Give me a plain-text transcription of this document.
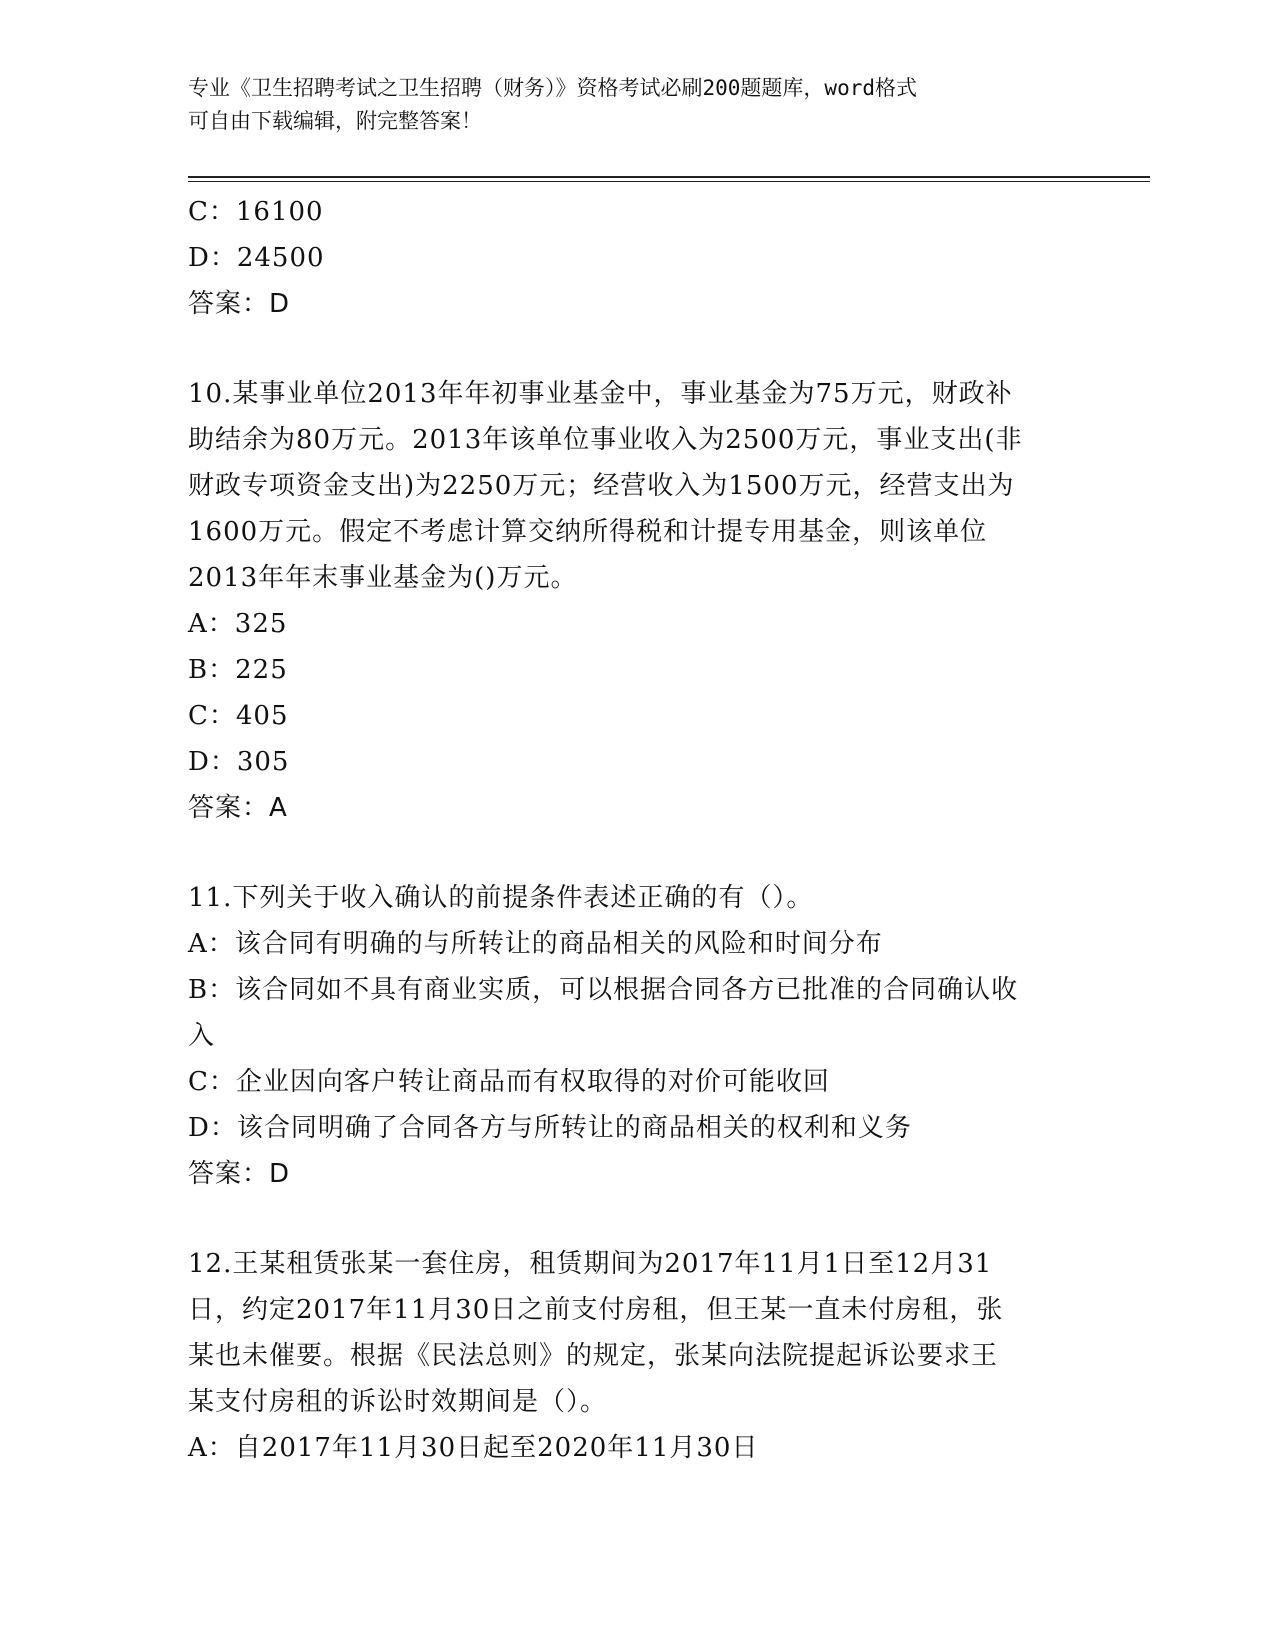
专业《卫生招聘考试之卫生招聘（财务）》资格考试必刷200题题库，word格式
可自由下载编辑，附完整答案！
C：16100
D：24500
答案：D
10.某事业单位2013年年初事业基金中，事业基金为75万元，财政补
助结余为80万元。2013年该单位事业收入为2500万元，事业支出(非
财政专项资金支出)为2250万元；经营收入为1500万元，经营支出为
1600万元。假定不考虑计算交纳所得税和计提专用基金，则该单位
2013年年末事业基金为()万元。
A：325
B：225
C：405
D：305
答案：A
11.下列关于收入确认的前提条件表述正确的有（）。
A：该合同有明确的与所转让的商品相关的风险和时间分布
B：该合同如不具有商业实质，可以根据合同各方已批准的合同确认收
入
C：企业因向客户转让商品而有权取得的对价可能收回
D：该合同明确了合同各方与所转让的商品相关的权利和义务
答案：D
12.王某租赁张某一套住房，租赁期间为2017年11月1日至12月31
日，约定2017年11月30日之前支付房租，但王某一直未付房租，张
某也未催要。根据《民法总则》的规定，张某向法院提起诉讼要求王
某支付房租的诉讼时效期间是（）。
A：自2017年11月30日起至2020年11月30日
